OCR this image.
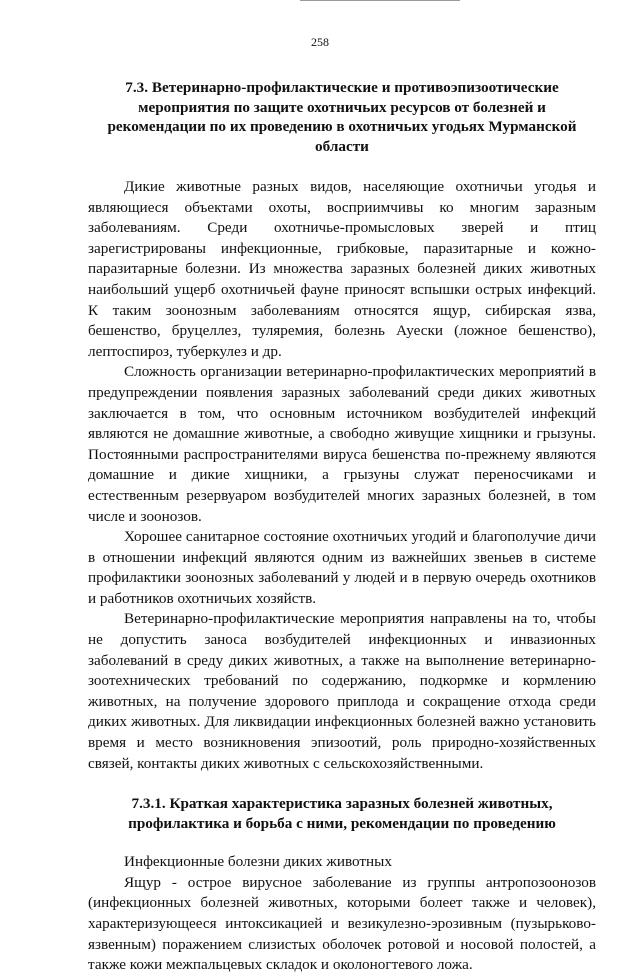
258
7.3. Ветеринарно-профилактические и противоэпизоотические мероприятия по защите охотничьих ресурсов от болезней и рекомендации по их проведению в охотничьих угодьях Мурманской области

Дикие животные разных видов, населяющие охотничьи угодья и являющиеся объектами охоты, восприимчивы ко многим заразным заболеваниям. Среди охотничье-промысловых зверей и птиц зарегистрированы инфекционные, грибковые, паразитарные и кожно-паразитарные болезни. Из множества заразных болезней диких животных наибольший ущерб охотничьей фауне приносят вспышки острых инфекций. К таким зоонозным заболеваниям относятся ящур, сибирская язва, бешенство, бруцеллез, туляремия, болезнь Ауески (ложное бешенство), лептоспироз, туберкулез и др.

Сложность организации ветеринарно-профилактических мероприятий в предупреждении появления заразных заболеваний среди диких животных заключается в том, что основным источником возбудителей инфекций являются не домашние животные, а свободно живущие хищники и грызуны. Постоянными распространителями вируса бешенства по-прежнему являются домашние и дикие хищники, а грызуны служат переносчиками и естественным резервуаром возбудителей многих заразных болезней, в том числе и зоонозов.

Хорошее санитарное состояние охотничьих угодий и благополучие дичи в отношении инфекций являются одним из важнейших звеньев в системе профилактики зоонозных заболеваний у людей и в первую очередь охотников и работников охотничьих хозяйств.

Ветеринарно-профилактические мероприятия направлены на то, чтобы не допустить заноса возбудителей инфекционных и инвазионных заболеваний в среду диких животных, а также на выполнение ветеринарно-зоотехнических требований по содержанию, подкормке и кормлению животных, на получение здорового приплода и сокращение отхода среди диких животных. Для ликвидации инфекционных болезней важно установить время и место возникновения эпизоотий, роль природно-хозяйственных связей, контакты диких животных с сельскохозяйственными.

7.3.1. Краткая характеристика заразных болезней животных, профилактика и борьба с ними, рекомендации по проведению

Инфекционные болезни диких животных

Ящур - острое вирусное заболевание из группы антропозоонозов (инфекционных болезней животных, которыми болеет также и человек), характеризующееся интоксикацией и везикулезно-эрозивным (пузырьково-язвенным) поражением слизистых оболочек ротовой и носовой полостей, а также кожи межпальцевых складок и околонoгтевого ложа.
